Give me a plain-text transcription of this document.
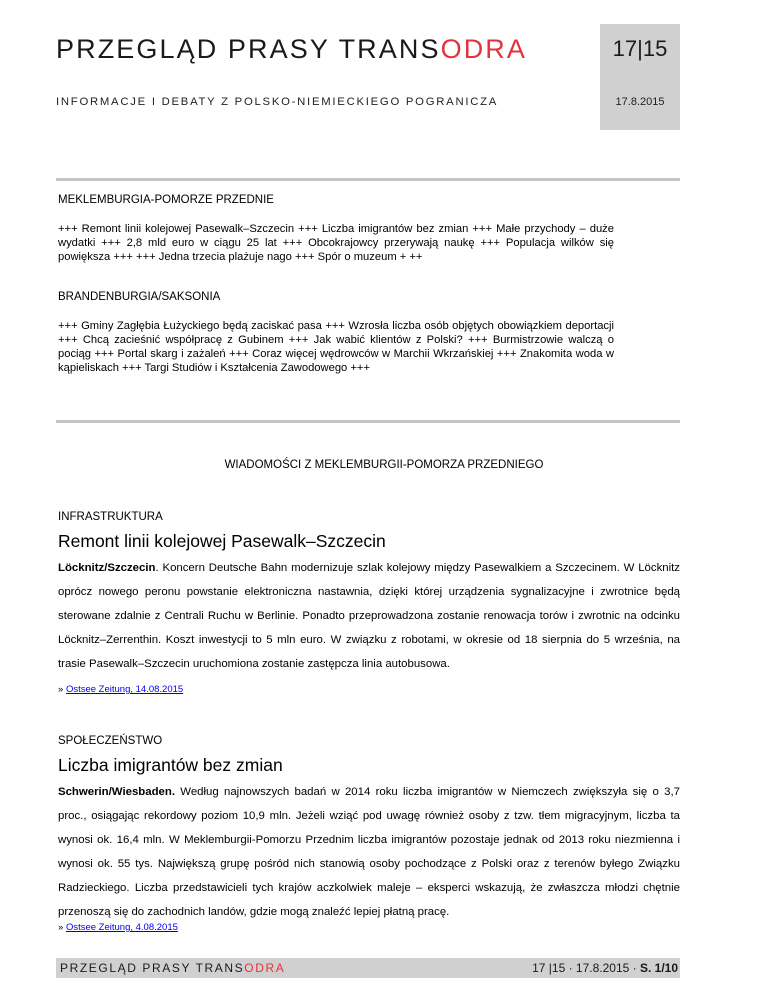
PRZEGLĄD PRASY TRANSODRA
INFORMACJE I DEBATY Z POLSKO-NIEMIECKIEGO POGRANICZA
17|15
17.8.2015
MEKLEMBURGIA-POMORZE PRZEDNIE
+++ Remont linii kolejowej Pasewalk–Szczecin +++ Liczba imigrantów bez zmian +++ Małe przychody – duże wydatki +++ 2,8 mld euro w ciągu 25 lat +++ Obcokrajowcy przerywają naukę +++ Populacja wilków się powiększa +++ +++ Jedna trzecia plażuje nago +++ Spór o muzeum + ++
BRANDENBURGIA/SAKSONIA
+++ Gminy Zagłębia Łużyckiego będą zaciskać pasa +++ Wzrosła liczba osób objętych obowiązkiem deportacji +++ Chcą zacieśnić współpracę z Gubinem +++ Jak wabić klientów z Polski? +++ Burmistrzowie walczą o pociąg +++ Portal skarg i zażaleń +++ Coraz więcej wędrowców w Marchii Wkrzańskiej +++ Znakomita woda w kąpieliskach +++ Targi Studiów i Kształcenia Zawodowego +++
WIADOMOŚCI Z MEKLEMBURGII-POMORZA PRZEDNIEGO
INFRASTRUKTURA
Remont linii kolejowej Pasewalk–Szczecin

Löcknitz/Szczecin. Koncern Deutsche Bahn modernizuje szlak kolejowy między Pasewalkiem a Szczecinem. W Löcknitz oprócz nowego peronu powstanie elektroniczna nastawnia, dzięki której urządzenia sygnalizacyjne i zwrotnice będą sterowane zdalnie z Centrali Ruchu w Berlinie. Ponadto przeprowadzona zostanie renowacja torów i zwrotnic na odcinku Löcknitz–Zerrenthin. Koszt inwestycji to 5 mln euro. W związku z robotami, w okresie od 18 sierpnia do 5 września, na trasie Pasewalk–Szczecin uruchomiona zostanie zastępcza linia autobusowa.

» Ostsee Zeitung, 14.08.2015
SPOŁECZEŃSTWO
Liczba imigrantów bez zmian

Schwerin/Wiesbaden. Według najnowszych badań w 2014 roku liczba imigrantów w Niemczech zwiększyła się o 3,7 proc., osiągając rekordowy poziom 10,9 mln. Jeżeli wziąć pod uwagę również osoby z tzw. tłem migracyjnym, liczba ta wynosi ok. 16,4 mln. W Meklemburgii-Pomorzu Przednim liczba imigrantów pozostaje jednak od 2013 roku niezmienna i wynosi ok. 55 tys. Największą grupę pośród nich stanowią osoby pochodzące z Polski oraz z terenów byłego Związku Radzieckiego. Liczba przedstawicieli tych krajów aczkolwiek maleje – eksperci wskazują, że zwłaszcza młodzi chętnie przenoszą się do zachodnich landów, gdzie mogą znaleźć lepiej płatną pracę.

» Ostsee Zeitung, 4.08.2015
PRZEGLĄD PRASY TRANSODRA	17 |15 · 17.8.2015 · S. 1/10
